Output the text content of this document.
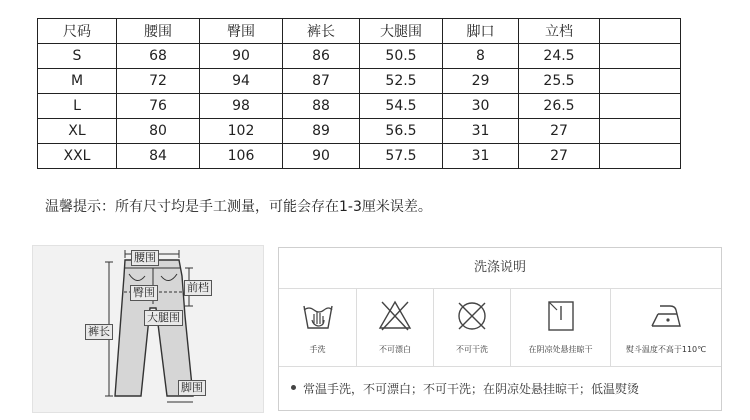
尺码	腰围	臀围	裤长	大腿围	脚口	立档	
S	68	90	86	50.5	8	24.5	
M	72	94	87	52.5	29	25.5	
L	76	98	88	54.5	30	26.5	
XL	80	102	89	56.5	31	27	
XXL	84	106	90	57.5	31	27	
温馨提示：所有尺寸均是手工测量，可能会存在1-3厘米误差。
腰围
臀围	前档
大腿围
裤长
脚围
洗涤说明
手洗	不可漂白	不可干洗	在阴凉处悬挂晾干	熨斗温度不高于110℃
常温手洗，不可漂白；不可干洗；在阴凉处悬挂晾干；低温熨烫
